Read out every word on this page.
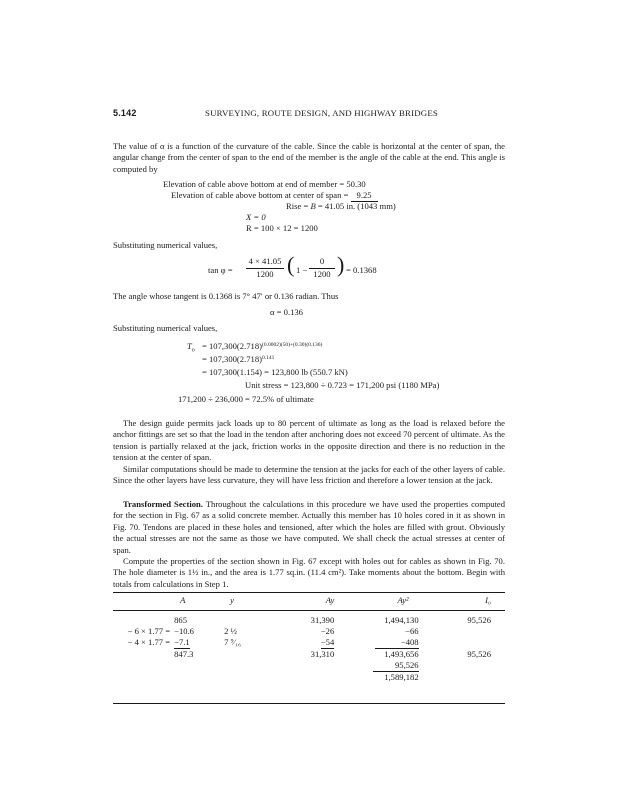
5.142	SURVEYING, ROUTE DESIGN, AND HIGHWAY BRIDGES

The value of α is a function of the curvature of the cable. Since the cable is horizontal at the center of span, the angular change from the center of span to the end of the member is the angle of the cable at the end. This angle is computed by

Elevation of cable above bottom at end of member = 50.30
Elevation of cable above bottom at center of span = 9.25
Rise = B = 41.05 in. (1043 mm)
X = 0
R = 100 × 12 = 1200
Substituting numerical values,
tan φ =
4 × 41.05
1200 ( 1 −
0
1200 ) = 0.1368
The angle whose tangent is 0.1368 is 7° 47′ or 0.136 radian. Thus
α = 0.136
Substituting numerical values,
$T_o = 107,300(2.718)^{(0.0002)(50)+(0.30)(0.136)}$
= $107,300(2.718)^{0.141}$
= 107,300(1.154) = 123,800 lb (550.7 kN)
Unit stress = 123,800 ÷ 0.723 = 171,200 psi (1180 MPa)
171,200 ÷ 236,000 = 72.5% of ultimate

The design guide permits jack loads up to 80 percent of ultimate as long as the load is relaxed before the anchor fittings are set so that the load in the tendon after anchoring does not exceed 70 percent of ultimate. As the tension is partially relaxed at the jack, friction works in the opposite direction and there is no reduction in the tension at the center of span.

Similar computations should be made to determine the tension at the jacks for each of the other layers of cable. Since the other layers have less curvature, they will have less friction and therefore a lower tension at the jack.

Transformed Section. Throughout the calculations in this procedure we have used the properties computed for the section in Fig. 67 as a solid concrete member. Actually this member has 10 holes cored in it as shown in Fig. 70. Tendons are placed in these holes and tensioned, after which the holes are filled with grout. Obviously the actual stresses are not the same as those we have computed. We shall check the actual stresses at center of span.

Compute the properties of the section shown in Fig. 67 except with holes out for cables as shown in Fig. 70. The hole diameter is 1½ in., and the area is 1.77 sq.in. (11.4 cm²). Take moments about the bottom. Begin with totals from calculations in Step 1.

	A	y	Ay	Ay²	I₀

	865		31,390	1,494,130	95,526
− 6 × 1.77 =	−10.6	2 ½	−26	−66	
− 4 × 1.77 =	−7.1	7 ⁹⁄₁₆	−54	−408	
	847.3		31,310	1,493,656	95,526
				95,526	
				1,589,182	
